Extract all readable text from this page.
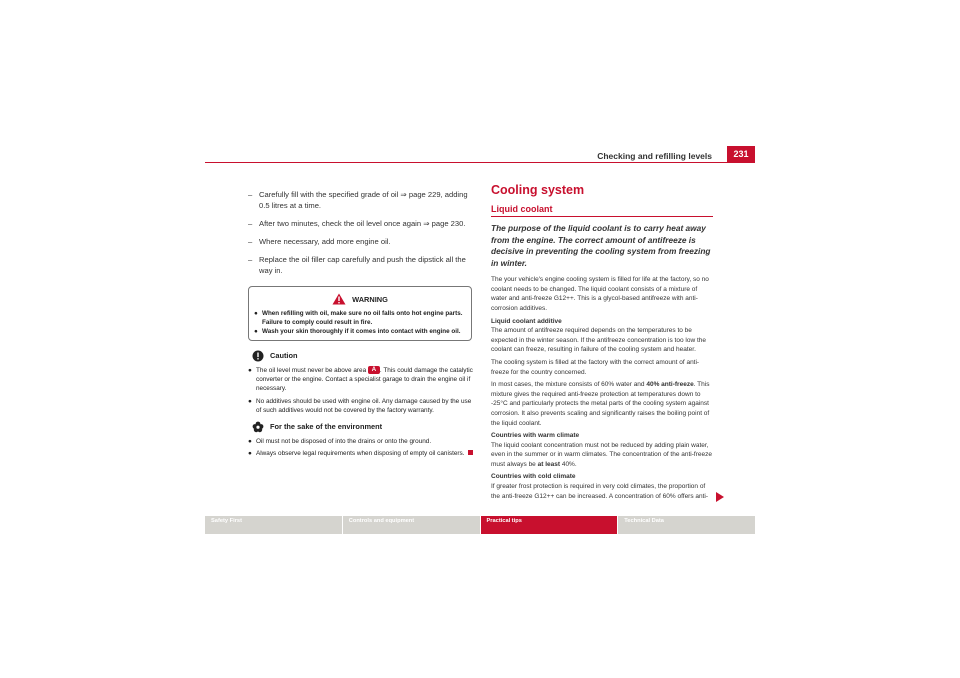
Checking and refilling levels	231
– Carefully fill with the specified grade of oil ⇒ page 229, adding 0.5 litres at a time.
– After two minutes, check the oil level once again ⇒ page 230.
– Where necessary, add more engine oil.
– Replace the oil filler cap carefully and push the dipstick all the way in.
WARNING
● When refilling with oil, make sure no oil falls onto hot engine parts. Failure to comply could result in fire.
● Wash your skin thoroughly if it comes into contact with engine oil.
Caution
● The oil level must never be above area A . This could damage the catalytic converter or the engine. Contact a specialist garage to drain the engine oil if necessary.
● No additives should be used with engine oil. Any damage caused by the use of such additives would not be covered by the factory warranty.
For the sake of the environment
● Oil must not be disposed of into the drains or onto the ground.
● Always observe legal requirements when disposing of empty oil canisters.
Cooling system
Liquid coolant
The purpose of the liquid coolant is to carry heat away from the engine. The correct amount of antifreeze is decisive in preventing the cooling system from freezing in winter.
The your vehicle's engine cooling system is filled for life at the factory, so no coolant needs to be changed. The liquid coolant consists of a mixture of water and anti-freeze G12++. This is a glycol-based antifreeze with anti-corrosion additives.
Liquid coolant additive
The amount of antifreeze required depends on the temperatures to be expected in the winter season. If the antifreeze concentration is too low the coolant can freeze, resulting in failure of the cooling system and heater.
The cooling system is filled at the factory with the correct amount of anti-freeze for the country concerned.
In most cases, the mixture consists of 60% water and 40% anti-freeze. This mixture gives the required anti-freeze protection at temperatures down to -25°C and particularly protects the metal parts of the cooling system against corrosion. It also prevents scaling and significantly raises the boiling point of the liquid coolant.
Countries with warm climate
The liquid coolant concentration must not be reduced by adding plain water, even in the summer or in warm climates. The concentration of the anti-freeze must always be at least 40%.
Countries with cold climate
If greater frost protection is required in very cold climates, the proportion of the anti-freeze G12++ can be increased. A concentration of 60% offers anti-
Safety First	Controls and equipment	Practical tips	Technical Data
